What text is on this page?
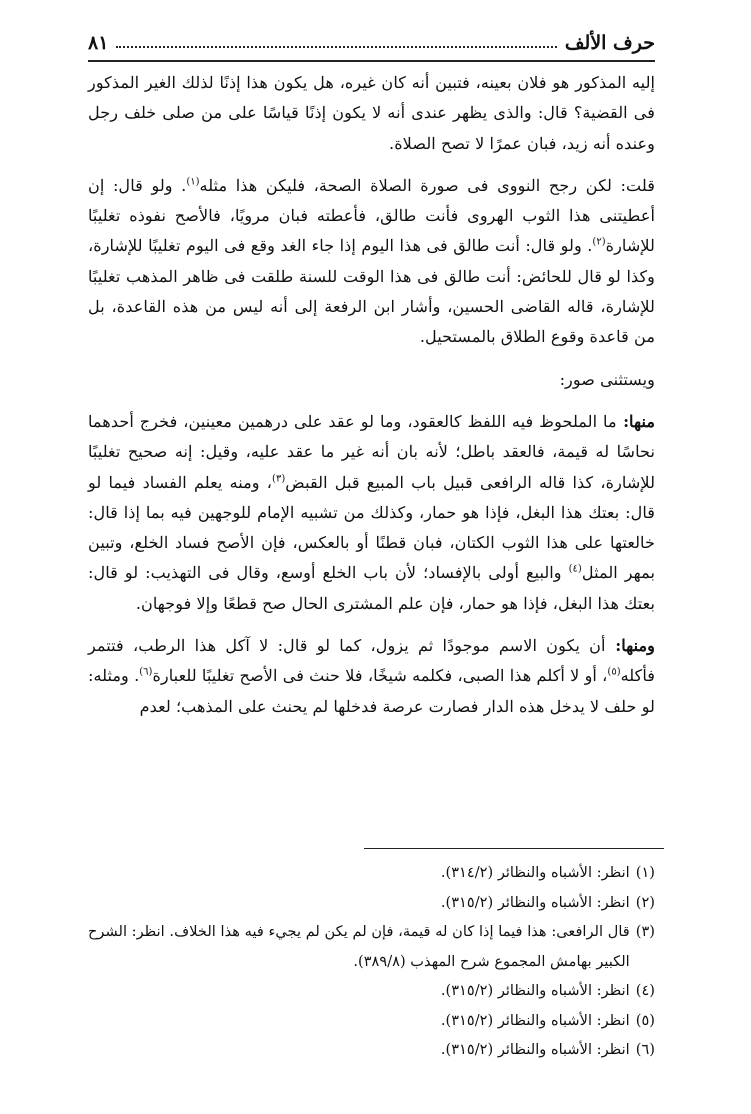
حرف الألف
٨١

إليه المذكور هو فلان بعينه، فتبين أنه كان غيره، هل يكون هذا إذنًا لذلك الغير المذكور فى القضية؟ قال: والذى يظهر عندى أنه لا يكون إذنًا قياسًا على من صلى خلف رجل وعنده أنه زيد، فبان عمرًا لا تصح الصلاة.

قلت: لكن رجح النووى فى صورة الصلاة الصحة، فليكن هذا مثله$^{(١)}$. ولو قال: إن أعطيتنى هذا الثوب الهروى فأنت طالق، فأعطته فبان مرويًا، فالأصح نفوذه تغليبًا للإشارة$^{(٢)}$. ولو قال: أنت طالق فى هذا اليوم إذا جاء الغد وقع فى اليوم تغليبًا للإشارة، وكذا لو قال للحائض: أنت طالق فى هذا الوقت للسنة طلقت فى ظاهر المذهب تغليبًا للإشارة، قاله القاضى الحسين، وأشار ابن الرفعة إلى أنه ليس من هذه القاعدة، بل من قاعدة وقوع الطلاق بالمستحيل.

ويستثنى صور:

منها: ما الملحوظ فيه اللفظ كالعقود، وما لو عقد على درهمين معينين، فخرج أحدهما نحاسًا له قيمة، فالعقد باطل؛ لأنه بان أنه غير ما عقد عليه، وقيل: إنه صحيح تغليبًا للإشارة، كذا قاله الرافعى قبيل باب المبيع قبل القبض$^{(٣)}$، ومنه يعلم الفساد فيما لو قال: بعتك هذا البغل، فإذا هو حمار، وكذلك من تشبيه الإمام للوجهين فيه بما إذا قال: خالعتها على هذا الثوب الكتان، فبان قطنًا أو بالعكس، فإن الأصح فساد الخلع، وتبين بمهر المثل$^{(٤)}$ والبيع أولى بالإفساد؛ لأن باب الخلع أوسع، وقال فى التهذيب: لو قال: بعتك هذا البغل، فإذا هو حمار، فإن علم المشترى الحال صح قطعًا وإلا فوجهان.

ومنها: أن يكون الاسم موجودًا ثم يزول، كما لو قال: لا آكل هذا الرطب، فتتمر فأكله$^{(٥)}$، أو لا أكلم هذا الصبى، فكلمه شيخًا، فلا حنث فى الأصح تغليبًا للعبارة$^{(٦)}$. ومثله: لو حلف لا يدخل هذه الدار فصارت عرصة فدخلها لم يحنث على المذهب؛ لعدم

(١)
انظر: الأشباه والنظائر (٣١٤/٢).
(٢)
انظر: الأشباه والنظائر (٣١٥/٢).
(٣)
قال الرافعى: هذا فيما إذا كان له قيمة، فإن لم يكن لم يجيء فيه هذا الخلاف. انظر: الشرح الكبير بهامش المجموع شرح المهذب (٣٨٩/٨).
(٤)
انظر: الأشباه والنظائر (٣١٥/٢).
(٥)
انظر: الأشباه والنظائر (٣١٥/٢).
(٦)
انظر: الأشباه والنظائر (٣١٥/٢).
